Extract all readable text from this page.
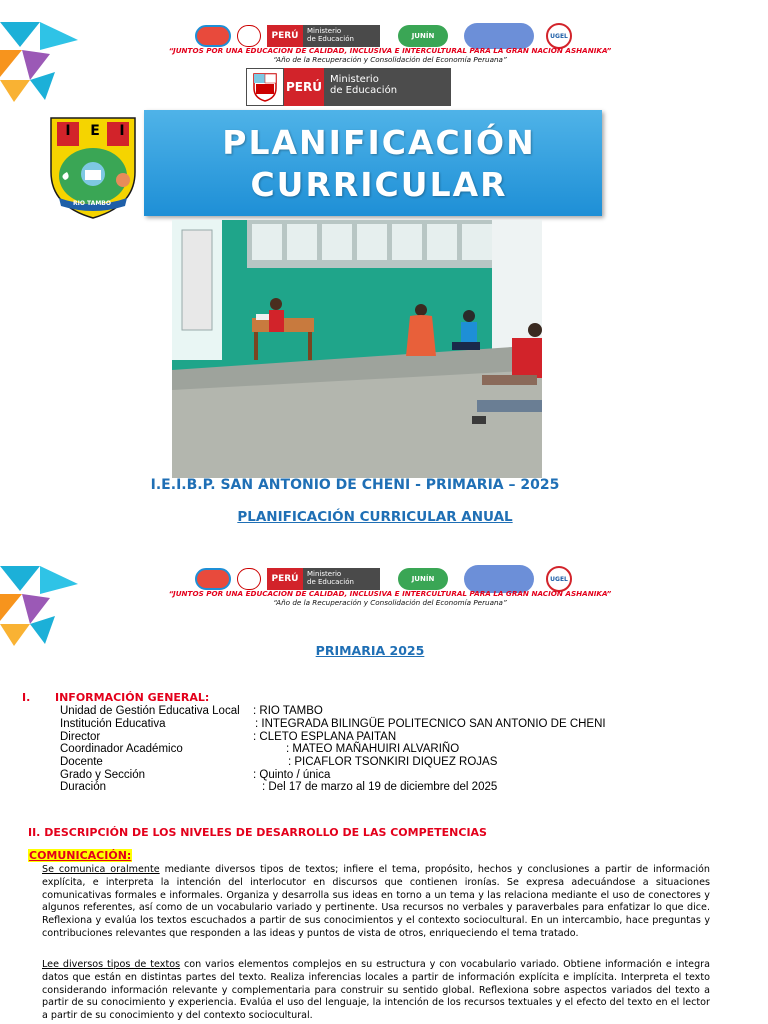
PERÚ	Ministerio
de Educación	JUNÍN	UGEL
“JUNTOS POR UNA EDUCACION DE CALIDAD, INCLUSIVA E INTERCULTURAL PARA LA GRAN NACION ASHANIKA”
“Año de la Recuperación y Consolidación del Economía Peruana”
PERÚ
Ministerio
de Educación
I	E	I
RIO TAMBO
PLANIFICACIÓN
CURRICULAR
I.E.I.B.P. SAN ANTONIO DE CHENI - PRIMARIA – 2025
PLANIFICACIÓN CURRICULAR ANUAL
PERÚ	Ministerio
de Educación	JUNÍN	UGEL
“JUNTOS POR UNA EDUCACION DE CALIDAD, INCLUSIVA E INTERCULTURAL PARA LA GRAN NACION ASHANIKA”
“Año de la Recuperación y Consolidación del Economía Peruana”
PRIMARIA 2025
I. INFORMACIÓN GENERAL:
Unidad de Gestión Educativa Local : RIO TAMBO
Institución Educativa	: INTEGRADA BILINGÜE POLITECNICO SAN ANTONIO DE CHENI
Director	: CLETO ESPLANA PAITAN
Coordinador Académico	: MATEO MAÑAHUIRI ALVARIÑO
Docente	: PICAFLOR TSONKIRI DIQUEZ ROJAS
Grado y Sección	: Quinto / única
Duración	: Del 17 de marzo al 19 de diciembre del 2025
II. DESCRIPCIÓN DE LOS NIVELES DE DESARROLLO DE LAS COMPETENCIAS
COMUNICACIÓN:
Se comunica oralmente mediante diversos tipos de textos; infiere el tema, propósito, hechos y conclusiones a partir de información explícita, e interpreta la intención del interlocutor en discursos que contienen ironías. Se expresa adecuándose a situaciones comunicativas formales e informales. Organiza y desarrolla sus ideas en torno a un tema y las relaciona mediante el uso de conectores y algunos referentes, así como de un vocabulario variado y pertinente. Usa recursos no verbales y paraverbales para enfatizar lo que dice. Reflexiona y evalúa los textos escuchados a partir de sus conocimientos y el contexto sociocultural. En un intercambio, hace preguntas y contribuciones relevantes que responden a las ideas y puntos de vista de otros, enriqueciendo el tema tratado.
Lee diversos tipos de textos con varios elementos complejos en su estructura y con vocabulario variado. Obtiene información e integra datos que están en distintas partes del texto. Realiza inferencias locales a partir de información explícita e implícita. Interpreta el texto considerando información relevante y complementaria para construir su sentido global. Reflexiona sobre aspectos variados del texto a partir de su conocimiento y experiencia. Evalúa el uso del lenguaje, la intención de los recursos textuales y el efecto del texto en el lector a partir de su conocimiento y del contexto sociocultural.
